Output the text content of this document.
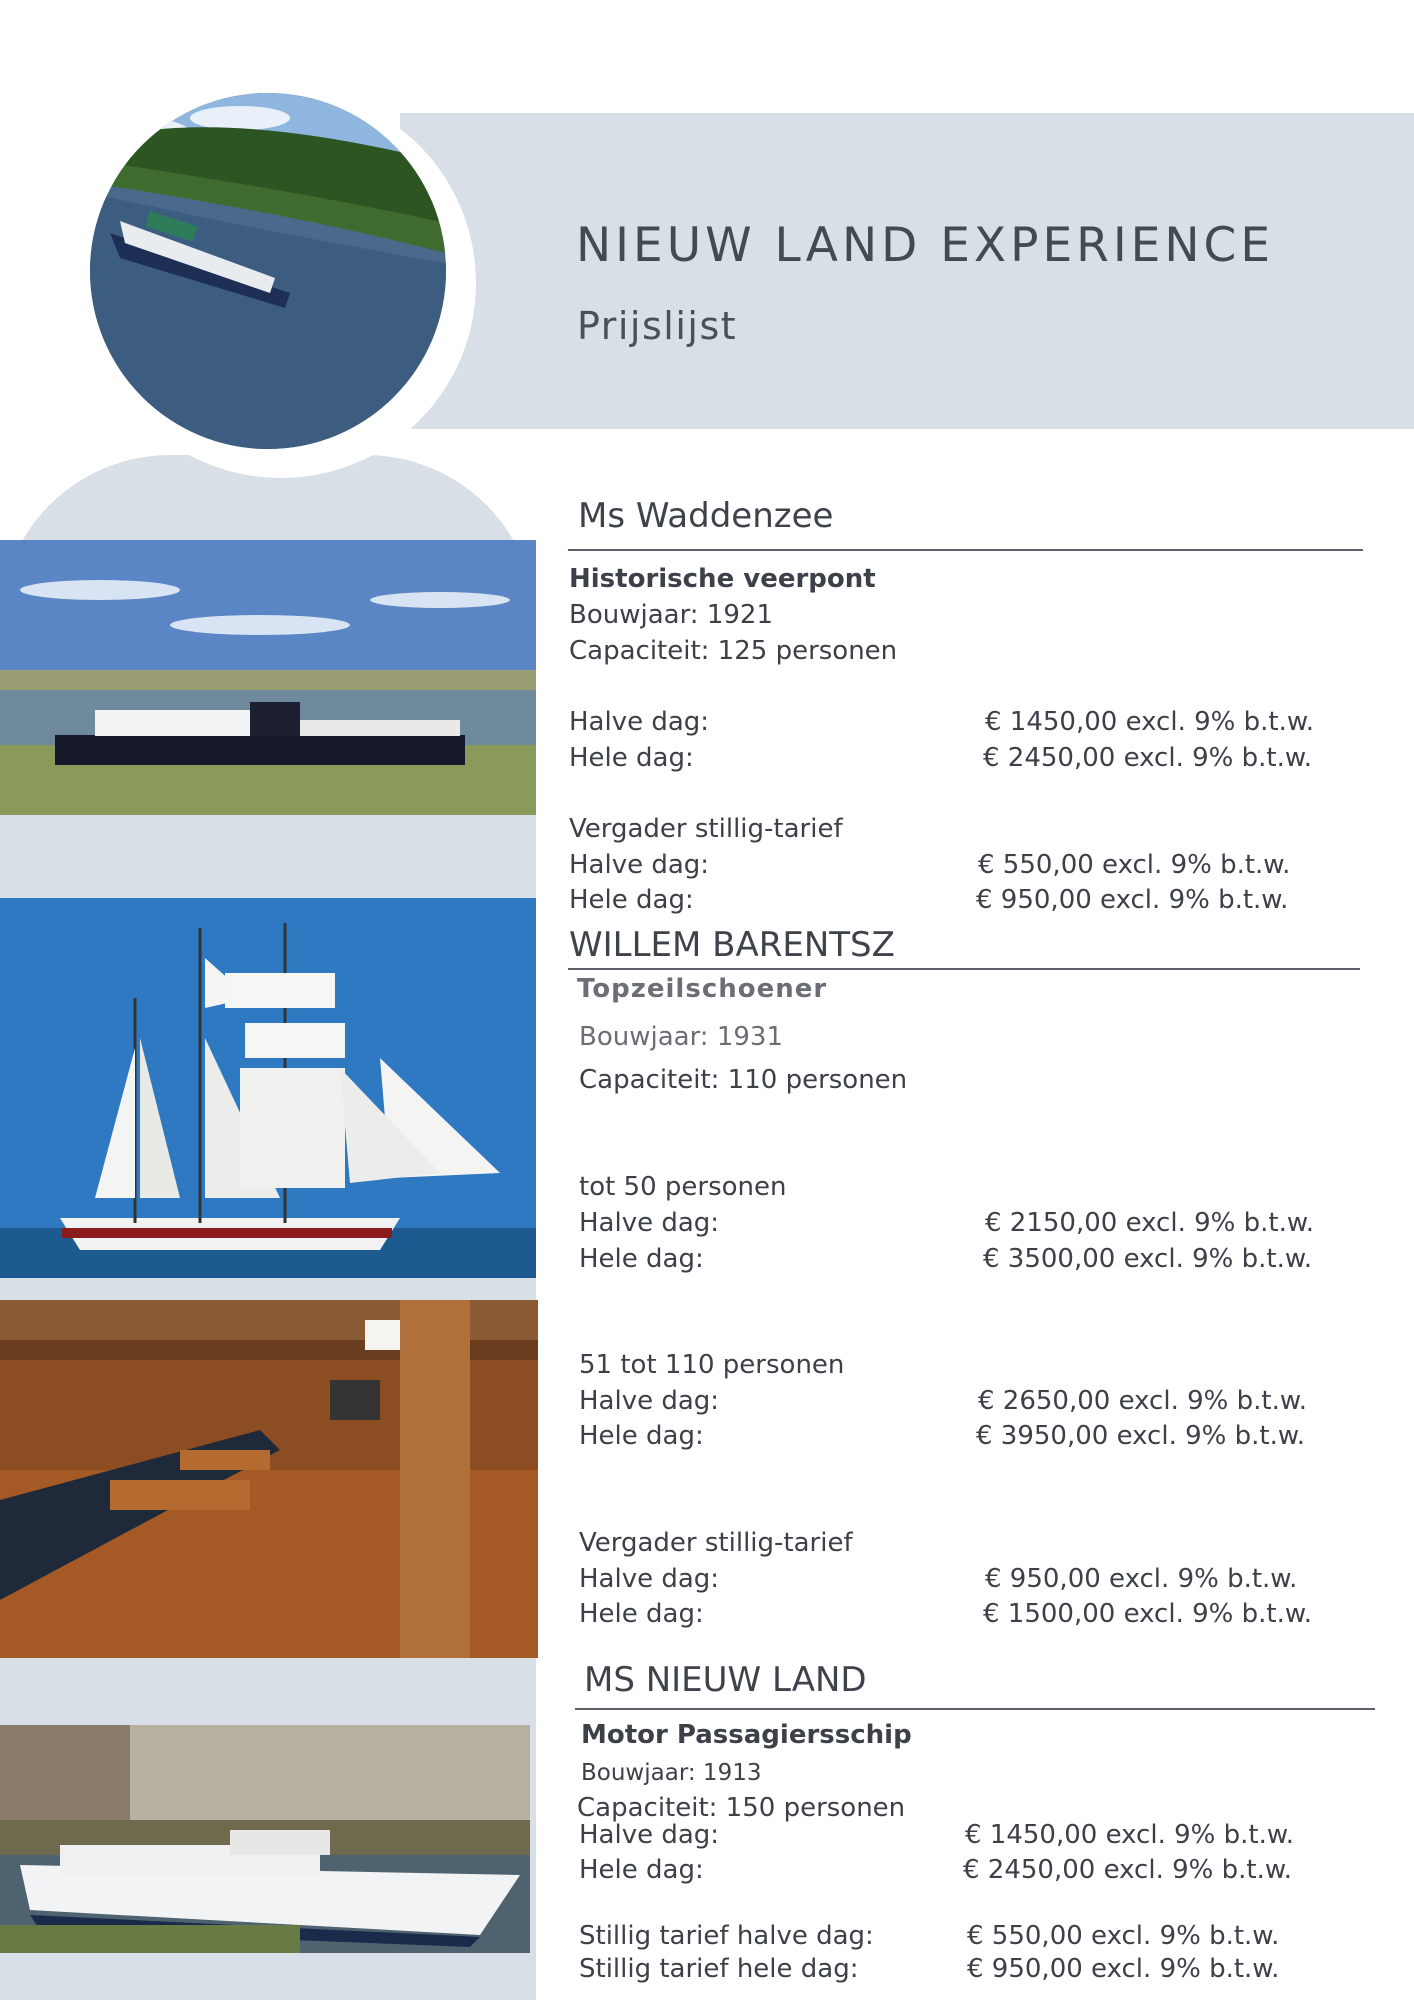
NIEUW LAND EXPERIENCE
Prijslijst
Ms Waddenzee
Historische veerpont
Bouwjaar: 1921
Capaciteit: 125 personen
Halve dag:	€ 1450,00 excl. 9% b.t.w.
Hele dag:	€ 2450,00 excl. 9% b.t.w.
Vergader stillig-tarief
Halve dag:	€ 550,00 excl. 9% b.t.w.
Hele dag:	€ 950,00 excl. 9% b.t.w.
WILLEM BARENTSZ
Topzeilschoener
Bouwjaar: 1931
Capaciteit: 110 personen
tot 50 personen
Halve dag:	€ 2150,00 excl. 9% b.t.w.
Hele dag:	€ 3500,00 excl. 9% b.t.w.
51 tot 110 personen
Halve dag:	€ 2650,00 excl. 9% b.t.w.
Hele dag:	€ 3950,00 excl. 9% b.t.w.
Vergader stillig-tarief
Halve dag:	€ 950,00 excl. 9% b.t.w.
Hele dag:	€ 1500,00 excl. 9% b.t.w.
MS NIEUW LAND
Motor Passagiersschip
Bouwjaar: 1913
Capaciteit: 150 personen
Halve dag:	€ 1450,00 excl. 9% b.t.w.
Hele dag:	€ 2450,00 excl. 9% b.t.w.
Stillig tarief halve dag:	€ 550,00 excl. 9% b.t.w.
Stillig tarief hele dag:	€ 950,00 excl. 9% b.t.w.
